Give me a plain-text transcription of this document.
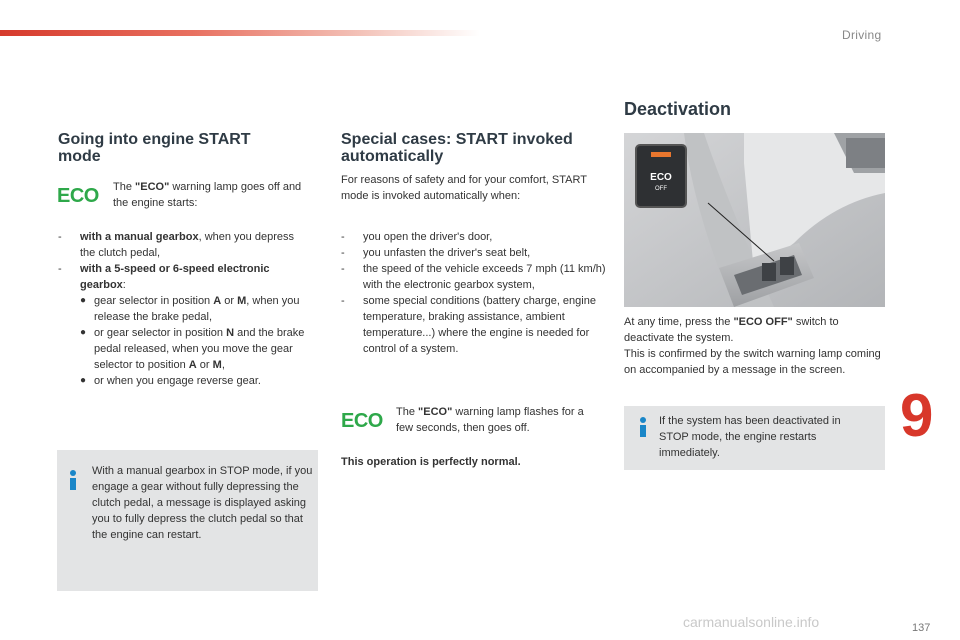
Driving
Going into engine START mode
ECO The "ECO" warning lamp goes off and the engine starts:

- with a manual gearbox, when you depress the clutch pedal,
- with a 5-speed or 6-speed electronic gearbox:
● gear selector in position A or M, when you release the brake pedal,
● or gear selector in position N and the brake pedal released, when you move the gear selector to position A or M,
● or when you engage reverse gear.

With a manual gearbox in STOP mode, if you engage a gear without fully depressing the clutch pedal, a message is displayed asking you to fully depress the clutch pedal so that the engine can restart.

Special cases: START invoked automatically

For reasons of safety and for your comfort, START mode is invoked automatically when:

- you open the driver's door,
- you unfasten the driver's seat belt,
- the speed of the vehicle exceeds 7 mph (11 km/h) with the electronic gearbox system,
- some special conditions (battery charge, engine temperature, braking assistance, ambient temperature...) where the engine is needed for control of a system.
ECO The "ECO" warning lamp flashes for a few seconds, then goes off.

This operation is perfectly normal.

Deactivation
ECO
OFF

At any time, press the "ECO OFF" switch to deactivate the system.

This is confirmed by the switch warning lamp coming on accompanied by a message in the screen.

If the system has been deactivated in STOP mode, the engine restarts immediately.

9
carmanualsonline.info	137
